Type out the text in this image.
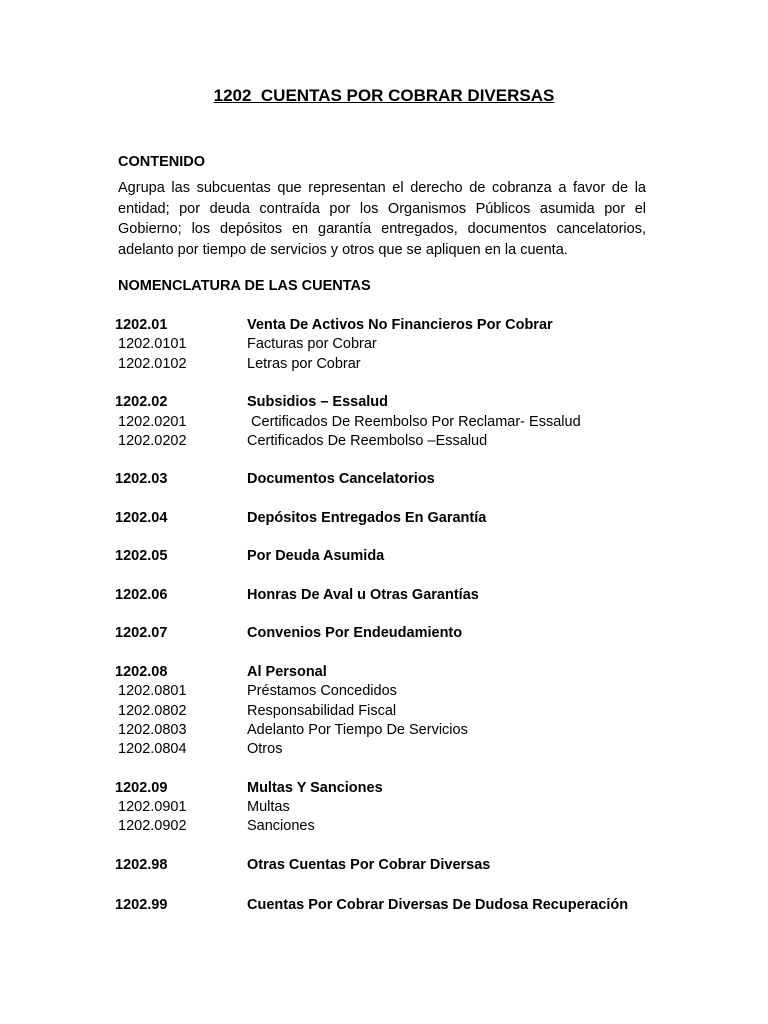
1202  CUENTAS POR COBRAR DIVERSAS
CONTENIDO
Agrupa las subcuentas que representan el derecho de cobranza a favor de la entidad; por deuda contraída por los Organismos Públicos asumida por el Gobierno; los depósitos en garantía entregados, documentos cancelatorios, adelanto por tiempo de servicios y otros que se apliquen en la cuenta.
NOMENCLATURA DE LAS CUENTAS
1202.01	Venta De Activos No Financieros Por Cobrar
1202.0101	Facturas por Cobrar
1202.0102	Letras por Cobrar
1202.02	Subsidios – Essalud
1202.0201	Certificados De Reembolso Por Reclamar- Essalud
1202.0202	Certificados De Reembolso –Essalud
1202.03	Documentos Cancelatorios
1202.04	Depósitos Entregados En Garantía
1202.05	Por Deuda Asumida
1202.06	Honras De Aval u Otras Garantías
1202.07	Convenios Por Endeudamiento
1202.08	Al Personal
1202.0801	Préstamos Concedidos
1202.0802	Responsabilidad Fiscal
1202.0803	Adelanto Por Tiempo De Servicios
1202.0804	Otros
1202.09	Multas Y Sanciones
1202.0901	Multas
1202.0902	Sanciones
1202.98	Otras Cuentas Por Cobrar Diversas
1202.99	Cuentas Por Cobrar Diversas De Dudosa Recuperación
